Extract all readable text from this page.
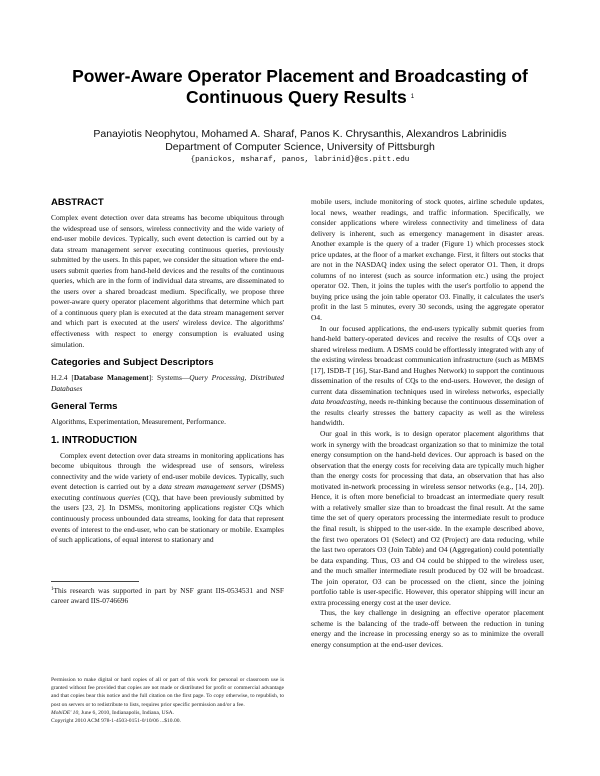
Power-Aware Operator Placement and Broadcasting of
Continuous Query Results $^1$
Panayiotis Neophytou, Mohamed A. Sharaf, Panos K. Chrysanthis, Alexandros Labrinidis
Department of Computer Science, University of Pittsburgh
{panickos, msharaf, panos, labrinid}@cs.pitt.edu
ABSTRACT

Complex event detection over data streams has become ubiquitous through the widespread use of sensors, wireless connectivity and the wide variety of end-user mobile devices. Typically, such event detection is carried out by a data stream management server executing continuous queries, previously submitted by the users. In this paper, we consider the situation where the end-users submit queries from hand-held devices and the results of the continuous queries, which are in the form of individual data streams, are disseminated to the users over a shared broadcast medium. Specifically, we propose three power-aware query operator placement algorithms that determine which part of a continuous query plan is executed at the data stream management server and which part is executed at the users' wireless device. The algorithms' effectiveness with respect to energy consumption is evaluated using simulation.

Categories and Subject Descriptors

H.2.4 [Database Management]: Systems—Query Processing, Distributed Databases

General Terms

Algorithms, Experimentation, Measurement, Performance.

1. INTRODUCTION

Complex event detection over data streams in monitoring applications has become ubiquitous through the widespread use of sensors, wireless connectivity and the wide variety of end-user mobile devices. Typically, such event detection is carried out by a data stream management server (DSMS) executing continuous queries (CQ), that have been previously submitted by the users [23, 2]. In DSMSs, monitoring applications register CQs which continuously process unbounded data streams, looking for data that represent events of interest to the end-user, who can be stationary or mobile. Examples of such applications, of equal interest to stationary and

$^1$This research was supported in part by NSF grant IIS-0534531 and NSF career award IIS-0746696

Permission to make digital or hard copies of all or part of this work for personal or classroom use is granted without fee provided that copies are not made or distributed for profit or commercial advantage and that copies bear this notice and the full citation on the first page. To copy otherwise, to republish, to post on servers or to redistribute to lists, requires prior specific permission and/or a fee.

MobiDE' 10, June 6, 2010, Indianapolis, Indiana, USA.
Copyright 2010 ACM 978-1-4503-0151-0/10/06 ...$10.00.

mobile users, include monitoring of stock quotes, airline schedule updates, local news, weather readings, and traffic information. Specifically, we consider applications where wireless connectivity and timeliness of data delivery is inherent, such as emergency management in disaster areas. Another example is the query of a trader (Figure 1) which processes stock price updates, at the floor of a market exchange. First, it filters out stocks that are not in the NASDAQ index using the select operator O1. Then, it drops columns of no interest (such as source information etc.) using the project operator O2. Then, it joins the tuples with the user's portfolio to append the buying price using the join table operator O3. Finally, it calculates the user's profit in the last 5 minutes, every 30 seconds, using the aggregate operator O4.

In our focused applications, the end-users typically submit queries from hand-held battery-operated devices and receive the results of CQs over a shared wireless medium. A DSMS could be effortlessly integrated with any of the existing wireless broadcast communication infrastructure (such as MBMS [17], ISDB-T [16], Star-Band and Hughes Network) to support the continuous dissemination of the results of CQs to the end-users. However, the design of current data dissemination techniques used in wireless networks, especially data broadcasting, needs re-thinking because the continuous dissemination of the results clearly stresses the battery capacity as well as the wireless handwidth.

Our goal in this work, is to design operator placement algorithms that work in synergy with the broadcast organization so that to minimize the total energy consumption on the hand-held devices. Our approach is based on the observation that the energy costs for receiving data are typically much higher than the energy costs for processing that data, an observation that has also motivated in-network processing in wireless sensor networks (e.g., [14, 20]). Hence, it is often more beneficial to broadcast an intermediate query result with a relatively smaller size than to broadcast the final result. At the same time the set of query operators processing the intermediate result to produce the final result, is shipped to the user-side. In the example described above, the first two operators O1 (Select) and O2 (Project) are data reducing, while the last two operators O3 (Join Table) and O4 (Aggregation) could potentially be data expanding. Thus, O3 and O4 could be shipped to the wireless user, and the much smaller intermediate result produced by O2 will be broadcast. The join operator, O3 can be processed on the client, since the joining portfolio table is user-specific. However, this operator shipping will incur an extra processing energy cost at the user device.

Thus, the key challenge in designing an effective operator placement scheme is the balancing of the trade-off between the reduction in tuning energy and the increase in processing energy so as to minimize the overall energy consumption at the end-user devices.
